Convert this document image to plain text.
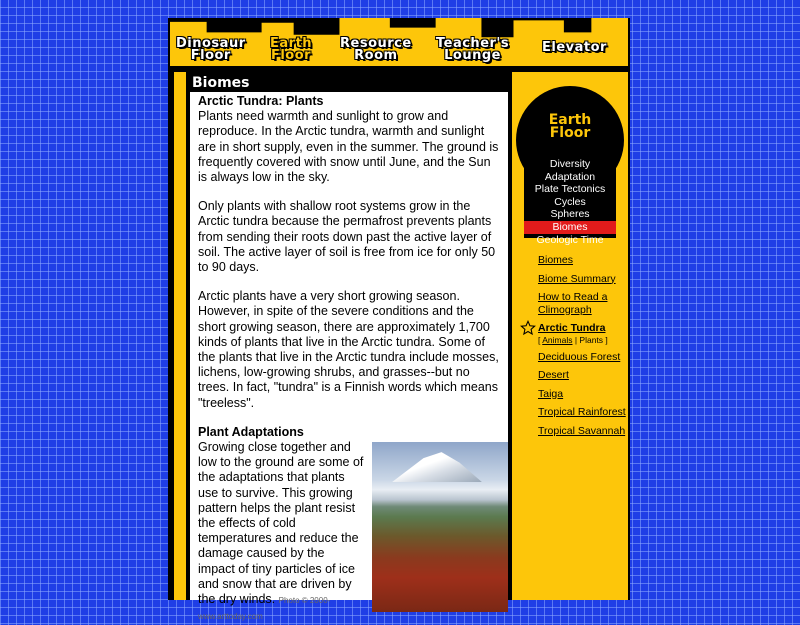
Dinosaur
Floor
Earth
Floor
Resource
Room
Teacher's
Lounge
Elevator
Biomes
Arctic Tundra: Plants

Plants need warmth and sunlight to grow and reproduce. In the Arctic tundra, warmth and sunlight are in short supply, even in the summer. The ground is frequently covered with snow until June, and the Sun is always low in the sky.

Only plants with shallow root systems grow in the Arctic tundra because the permafrost prevents plants from sending their roots down past the active layer of soil. The active layer of soil is free from ice for only 50 to 90 days.

Arctic plants have a very short growing season. However, in spite of the severe conditions and the short growing season, there are approximately 1,700 kinds of plants that live in the Arctic tundra. Some of the plants that live in the Arctic tundra include mosses, lichens, low-growing shrubs, and grasses--but no trees. In fact, "tundra" is a Finnish words which means "treeless".

Plant Adaptations
Growing close together and low to the ground are some of the adaptations that plants use to survive. This growing pattern helps the plant resist the effects of cold temperatures and reduce the damage caused by the impact of tiny particles of ice and snow that are driven by the dry winds. Photo © 2000-www.arttoday.com
Earth
Floor
Diversity
Adaptation
Plate Tectonics
Cycles
Spheres
Biomes
Geologic Time
Biomes
Biome Summary
How to Read a Climograph
Arctic Tundra
[ Animals | Plants ]
Deciduous Forest
Desert
Taiga
Tropical Rainforest
Tropical Savannah
